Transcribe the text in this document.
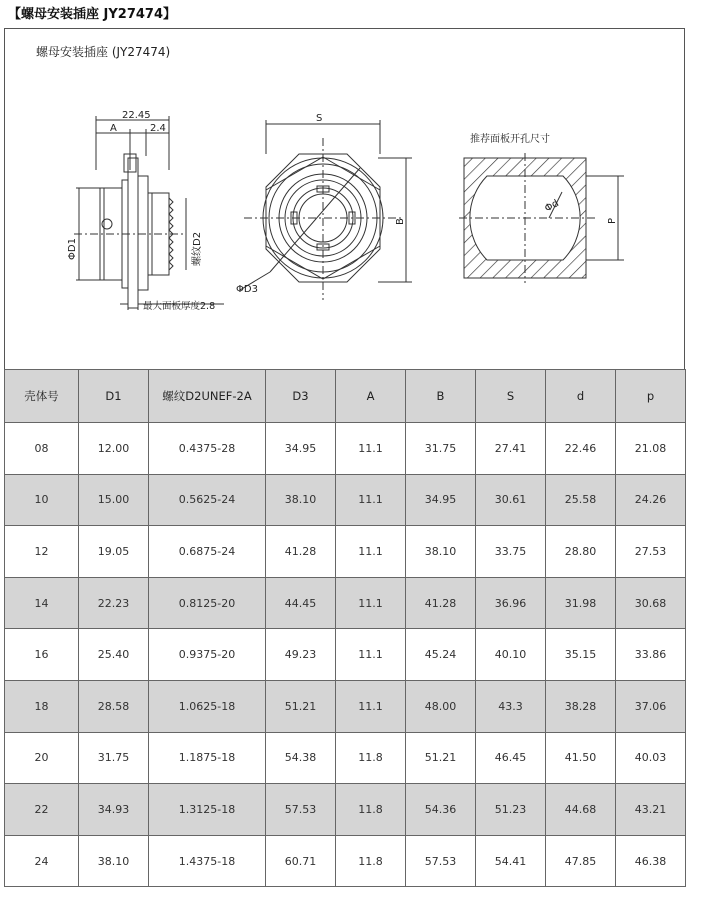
【螺母安装插座 JY27474】
螺母安装插座 (JY27474)
22.45
A	2.4
ΦD1	螺纹D2
最大面板厚度2.8
S
B
ΦD3
推荐面板开孔尺寸
Φd
P
壳体号	D1	螺纹D2UNEF-2A	D3	A	B	S	d	p
08	12.00	0.4375-28	34.95	11.1	31.75	27.41	22.46	21.08
10	15.00	0.5625-24	38.10	11.1	34.95	30.61	25.58	24.26
12	19.05	0.6875-24	41.28	11.1	38.10	33.75	28.80	27.53
14	22.23	0.8125-20	44.45	11.1	41.28	36.96	31.98	30.68
16	25.40	0.9375-20	49.23	11.1	45.24	40.10	35.15	33.86
18	28.58	1.0625-18	51.21	11.1	48.00	43.3	38.28	37.06
20	31.75	1.1875-18	54.38	11.8	51.21	46.45	41.50	40.03
22	34.93	1.3125-18	57.53	11.8	54.36	51.23	44.68	43.21
24	38.10	1.4375-18	60.71	11.8	57.53	54.41	47.85	46.38
